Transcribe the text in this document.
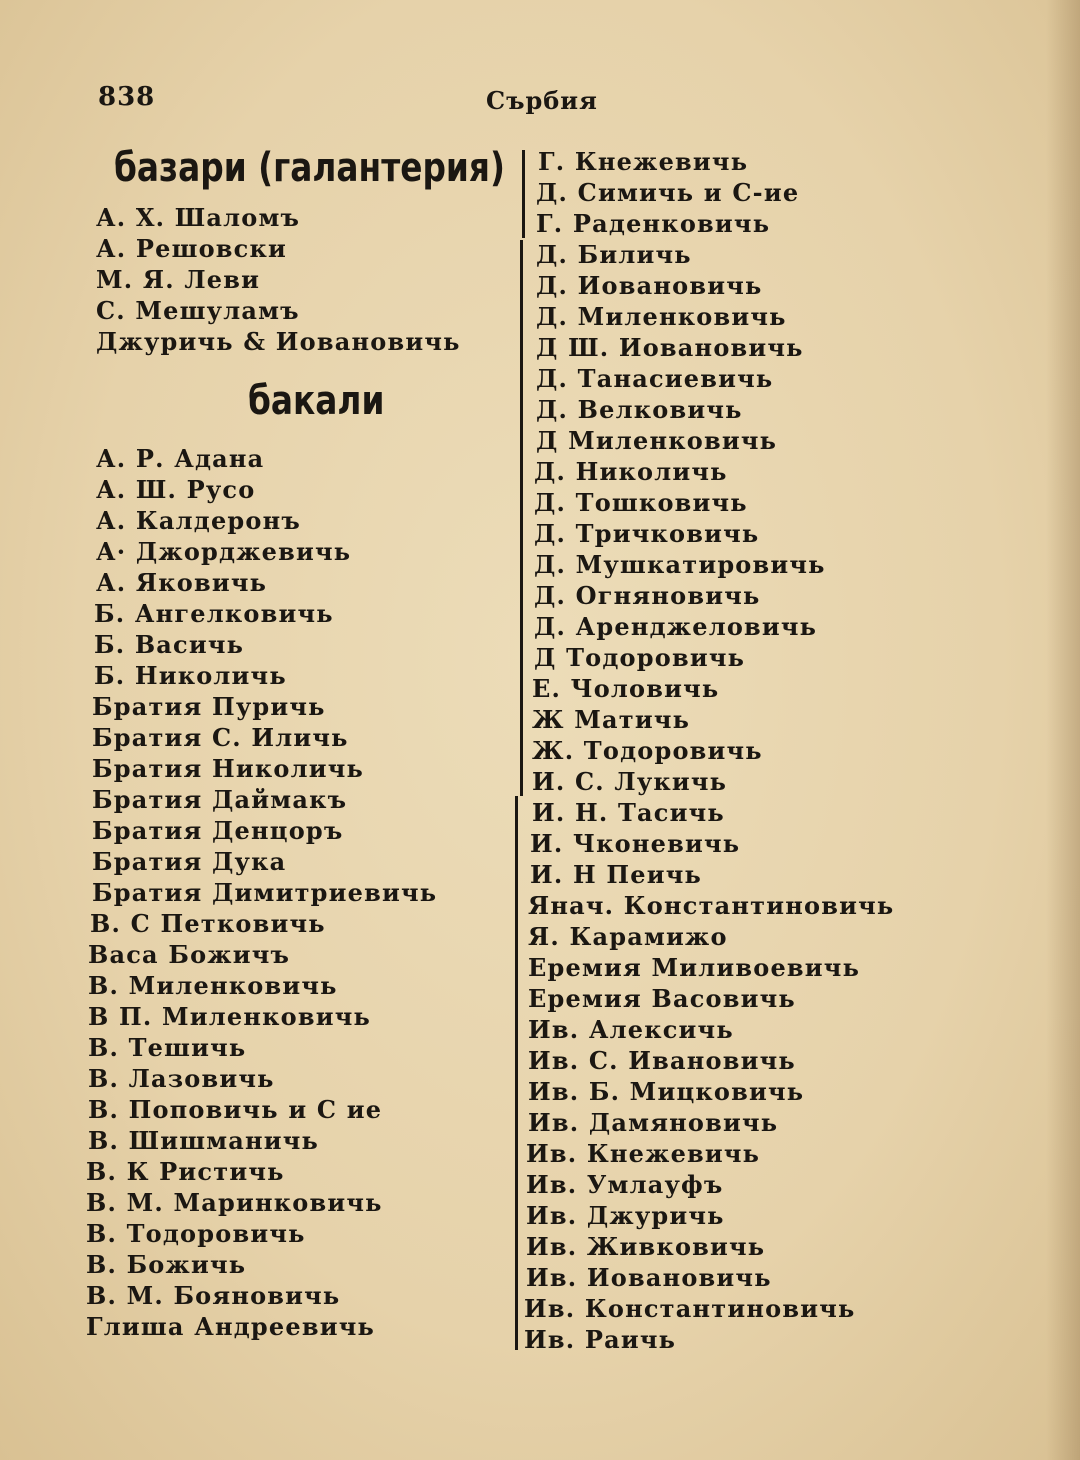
838	Сърбия
базари (галантерия)
А. Х. Шаломъ
А. Решовски
М. Я. Леви
С. Мешуламъ
Джуричь & Иовановичь
бакали
А. Р. Адана
А. Ш. Русо
А. Калдеронъ
А· Джорджевичь
А. Яковичь
Б. Ангелковичь
Б. Васичь
Б. Николичь
Братия Пуричь
Братия С. Иличь
Братия Николичь
Братия Даймакъ
Братия Денцоръ
Братия Дука
Братия Димитриевичь
В. С Петковичь
Васа Божичъ
В. Миленковичь
В П. Миленковичь
В. Тешичь
В. Лазовичь
В. Поповичь и С ие
В. Шишманичь
В. К Ристичь
В. М. Маринковичь
В. Тодоровичь
В. Божичь
В. М. Бояновичь
Глиша Андреевичь
Г. Кнежевичь
Д. Симичь и С-ие
Г. Раденковичь
Д. Биличь
Д. Иовановичь
Д. Миленковичь
Д Ш. Иовановичь
Д. Танасиевичь
Д. Велковичь
Д Миленковичь
Д. Николичь
Д. Тошковичь
Д. Тричковичь
Д. Мушкатировичь
Д. Огняновичь
Д. Аренджеловичь
Д Тодоровичь
Е. Чоловичь
Ж Матичь
Ж. Тодоровичь
И. С. Лукичь
И. Н. Тасичь
И. Чконевичь
И. Н Пеичь
Янач. Константиновичь
Я. Карамижо
Еремия Миливоевичь
Еремия Васовичь
Ив. Алексичь
Ив. С. Ивановичь
Ив. Б. Мицковичь
Ив. Дамяновичь
Ив. Кнежевичь
Ив. Умлауфъ
Ив. Джуричь
Ив. Живковичь
Ив. Иовановичь
Ив. Константиновичь
Ив. Раичь
